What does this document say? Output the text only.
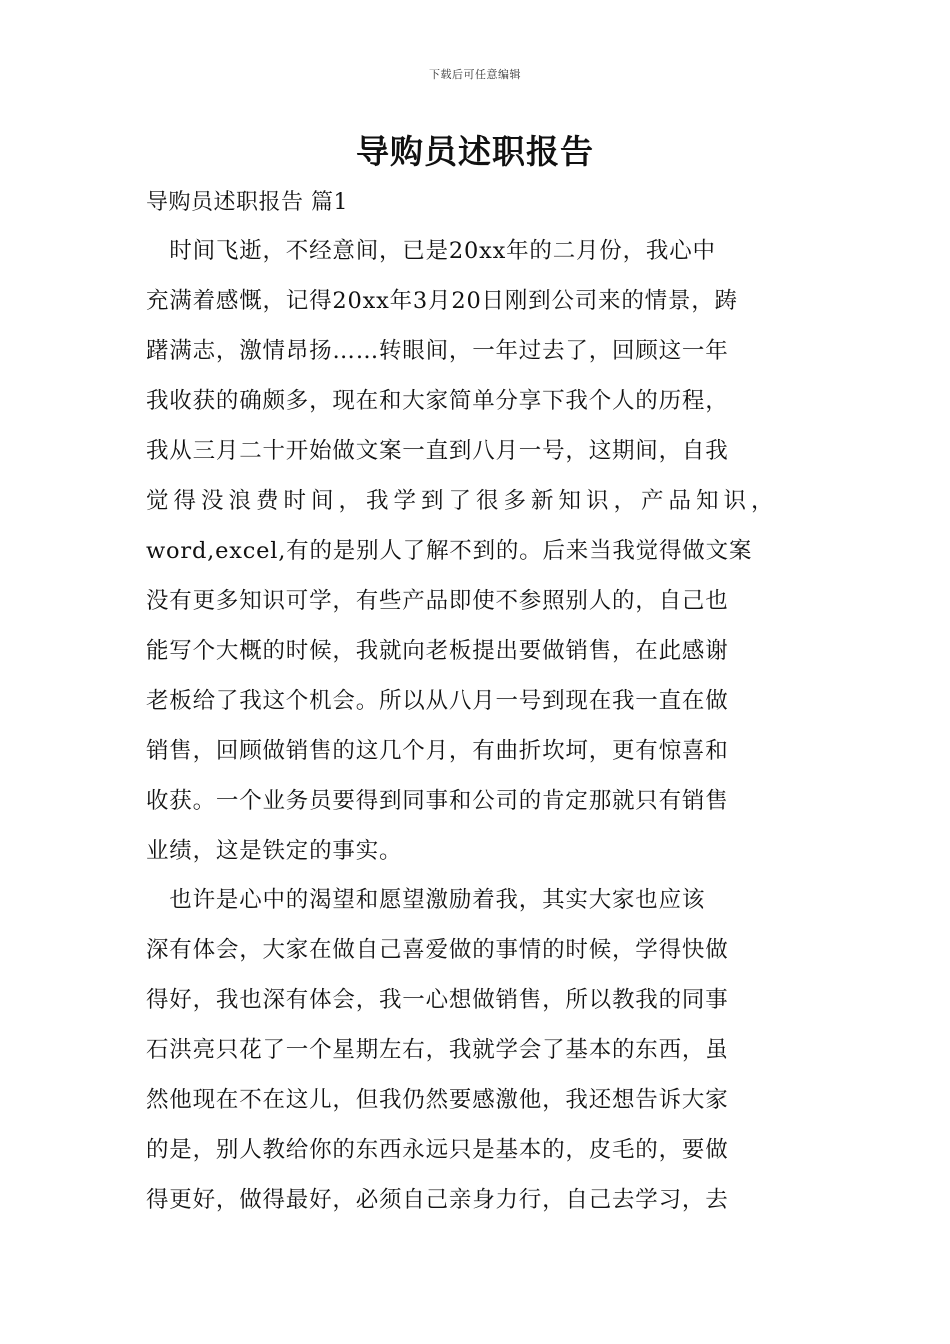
下载后可任意编辑
导购员述职报告
导购员述职报告 篇1
　时间飞逝，不经意间，已是20xx年的二月份，我心中
充满着感慨，记得20xx年3月20日刚到公司来的情景，踌
躇满志，激情昂扬……转眼间，一年过去了，回顾这一年
我收获的确颇多，现在和大家简单分享下我个人的历程，
我从三月二十开始做文案一直到八月一号，这期间，自我
觉得没浪费时间，我学到了很多新知识，产品知识，
word,excel,有的是别人了解不到的。后来当我觉得做文案
没有更多知识可学，有些产品即使不参照别人的，自己也
能写个大概的时候，我就向老板提出要做销售，在此感谢
老板给了我这个机会。所以从八月一号到现在我一直在做
销售，回顾做销售的这几个月，有曲折坎坷，更有惊喜和
收获。一个业务员要得到同事和公司的肯定那就只有销售
业绩，这是铁定的事实。
　也许是心中的渴望和愿望激励着我，其实大家也应该
深有体会，大家在做自己喜爱做的事情的时候，学得快做
得好，我也深有体会，我一心想做销售，所以教我的同事
石洪亮只花了一个星期左右，我就学会了基本的东西，虽
然他现在不在这儿，但我仍然要感激他，我还想告诉大家
的是，别人教给你的东西永远只是基本的，皮毛的，要做
得更好，做得最好，必须自己亲身力行，自己去学习，去
